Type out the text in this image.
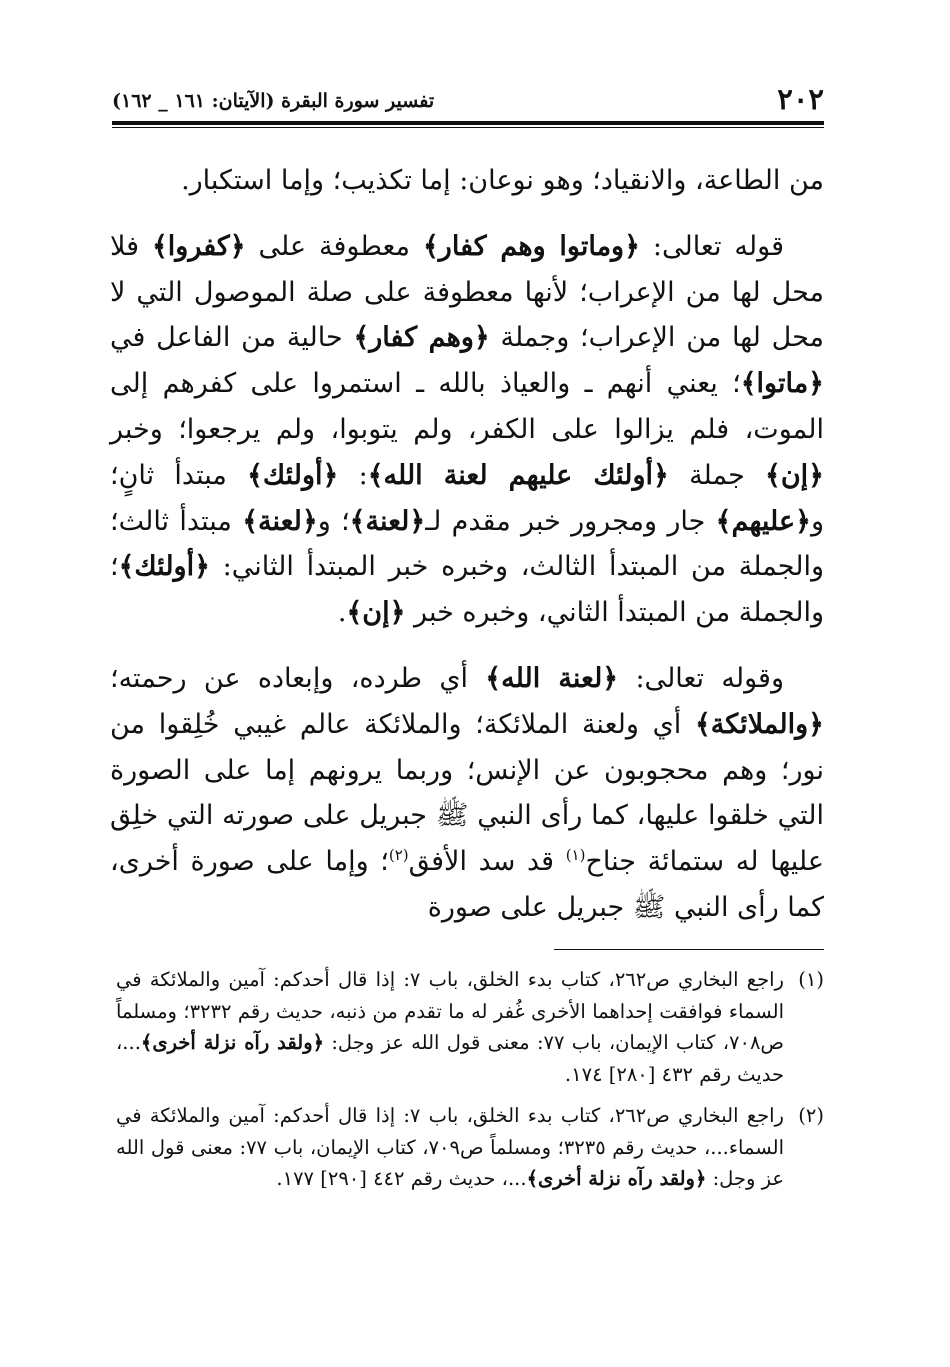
٢٠٢
تفسير سورة البقرة (الآيتان: ١٦١ _ ١٦٢)

من الطاعة، والانقياد؛ وهو نوعان: إما تكذيب؛ وإما استكبار.

قوله تعالى: ﴿وماتوا وهم كفار﴾ معطوفة على ﴿كفروا﴾ فلا محل لها من الإعراب؛ لأنها معطوفة على صلة الموصول التي لا محل لها من الإعراب؛ وجملة ﴿وهم كفار﴾ حالية من الفاعل في ﴿ماتوا﴾؛ يعني أنهم ـ والعياذ بالله ـ استمروا على كفرهم إلى الموت، فلم يزالوا على الكفر، ولم يتوبوا، ولم يرجعوا؛ وخبر ﴿إن﴾ جملة ﴿أولئك عليهم لعنة الله﴾: ﴿أولئك﴾ مبتدأ ثانٍ؛ و﴿عليهم﴾ جار ومجرور خبر مقدم لـ﴿لعنة﴾؛ و﴿لعنة﴾ مبتدأ ثالث؛ والجملة من المبتدأ الثالث، وخبره خبر المبتدأ الثاني: ﴿أولئك﴾؛ والجملة من المبتدأ الثاني، وخبره خبر ﴿إن﴾.

وقوله تعالى: ﴿لعنة الله﴾ أي طرده، وإبعاده عن رحمته؛ ﴿والملائكة﴾ أي ولعنة الملائكة؛ والملائكة عالم غيبي خُلِقوا من نور؛ وهم محجوبون عن الإنس؛ وربما يرونهم إما على الصورة التي خلقوا عليها، كما رأى النبي ﷺ جبريل على صورته التي خلِق عليها له ستمائة جناح$^{(١)}$ قد سد الأفق$^{(٢)}$؛ وإما على صورة أخرى، كما رأى النبي ﷺ جبريل على صورة

(١)
راجع البخاري ص٢٦٢، كتاب بدء الخلق، باب ٧: إذا قال أحدكم: آمين والملائكة في السماء فوافقت إحداهما الأخرى غُفر له ما تقدم من ذنبه، حديث رقم ٣٢٣٢؛ ومسلماً ص٧٠٨، كتاب الإيمان، باب ٧٧: معنى قول الله عز وجل: ﴿ولقد رآه نزلة أخرى﴾...، حديث رقم ٤٣٢ [٢٨٠] ١٧٤.
(٢)
راجع البخاري ص٢٦٢، كتاب بدء الخلق، باب ٧: إذا قال أحدكم: آمين والملائكة في السماء...، حديث رقم ٣٢٣٥؛ ومسلماً ص٧٠٩، كتاب الإيمان، باب ٧٧: معنى قول الله عز وجل: ﴿ولقد رآه نزلة أخرى﴾...، حديث رقم ٤٤٢ [٢٩٠] ١٧٧.
